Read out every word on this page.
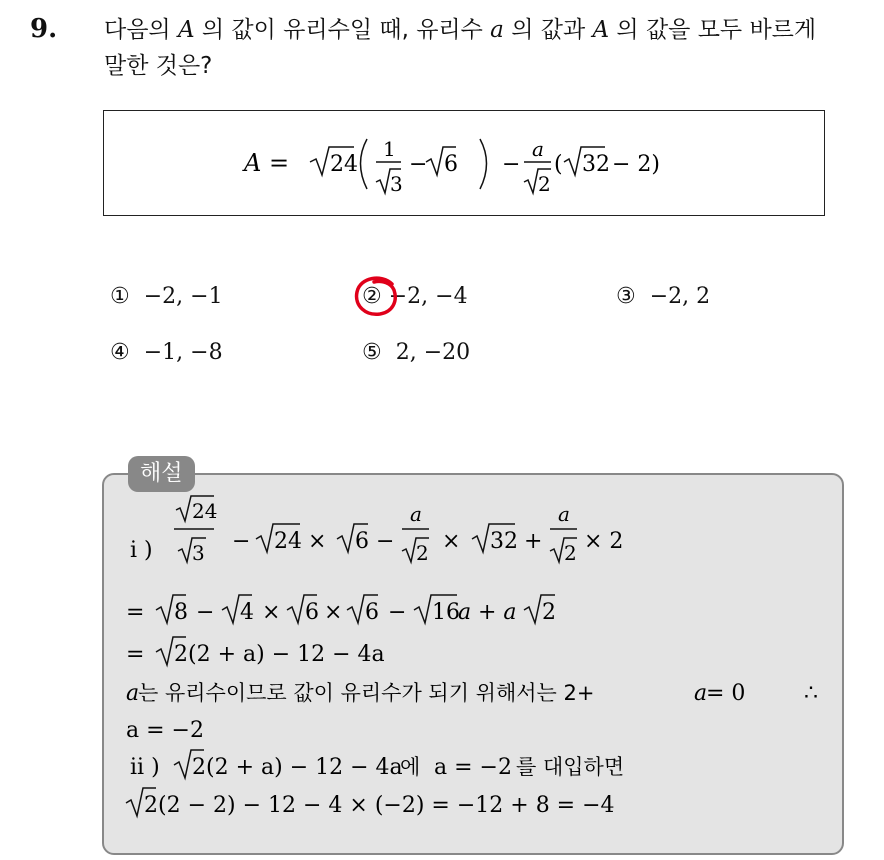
9. 다음의 A 의 값이 유리수일 때, 유리수 a 의 값과 A 의 값을 모두 바르게
말한 것은?
A = 24
1
3
− 6 −
a
2
( 32 − 2)
① −2, −1	② −2, −4	③ −2, 2
④ −1, −8	⑤ 2, −20
i )
24
3 − 24 × 6 −
a
2 × 32 +
a
2 × 2
= 8 − 4 × 6 × 6 − 16
a + a 2
= 2 (2 + a) − 12 − 4a
a
는 유리수이므로 값이 유리수가 되기 위해서는 2+	a
= 0	∴
a = −2
ii ) 2 (2 + a) − 12 − 4a
에 a = −2 를 대입하면
2 (2 − 2) − 12 − 4 × (−2) = −12 + 8 = −4
해설
